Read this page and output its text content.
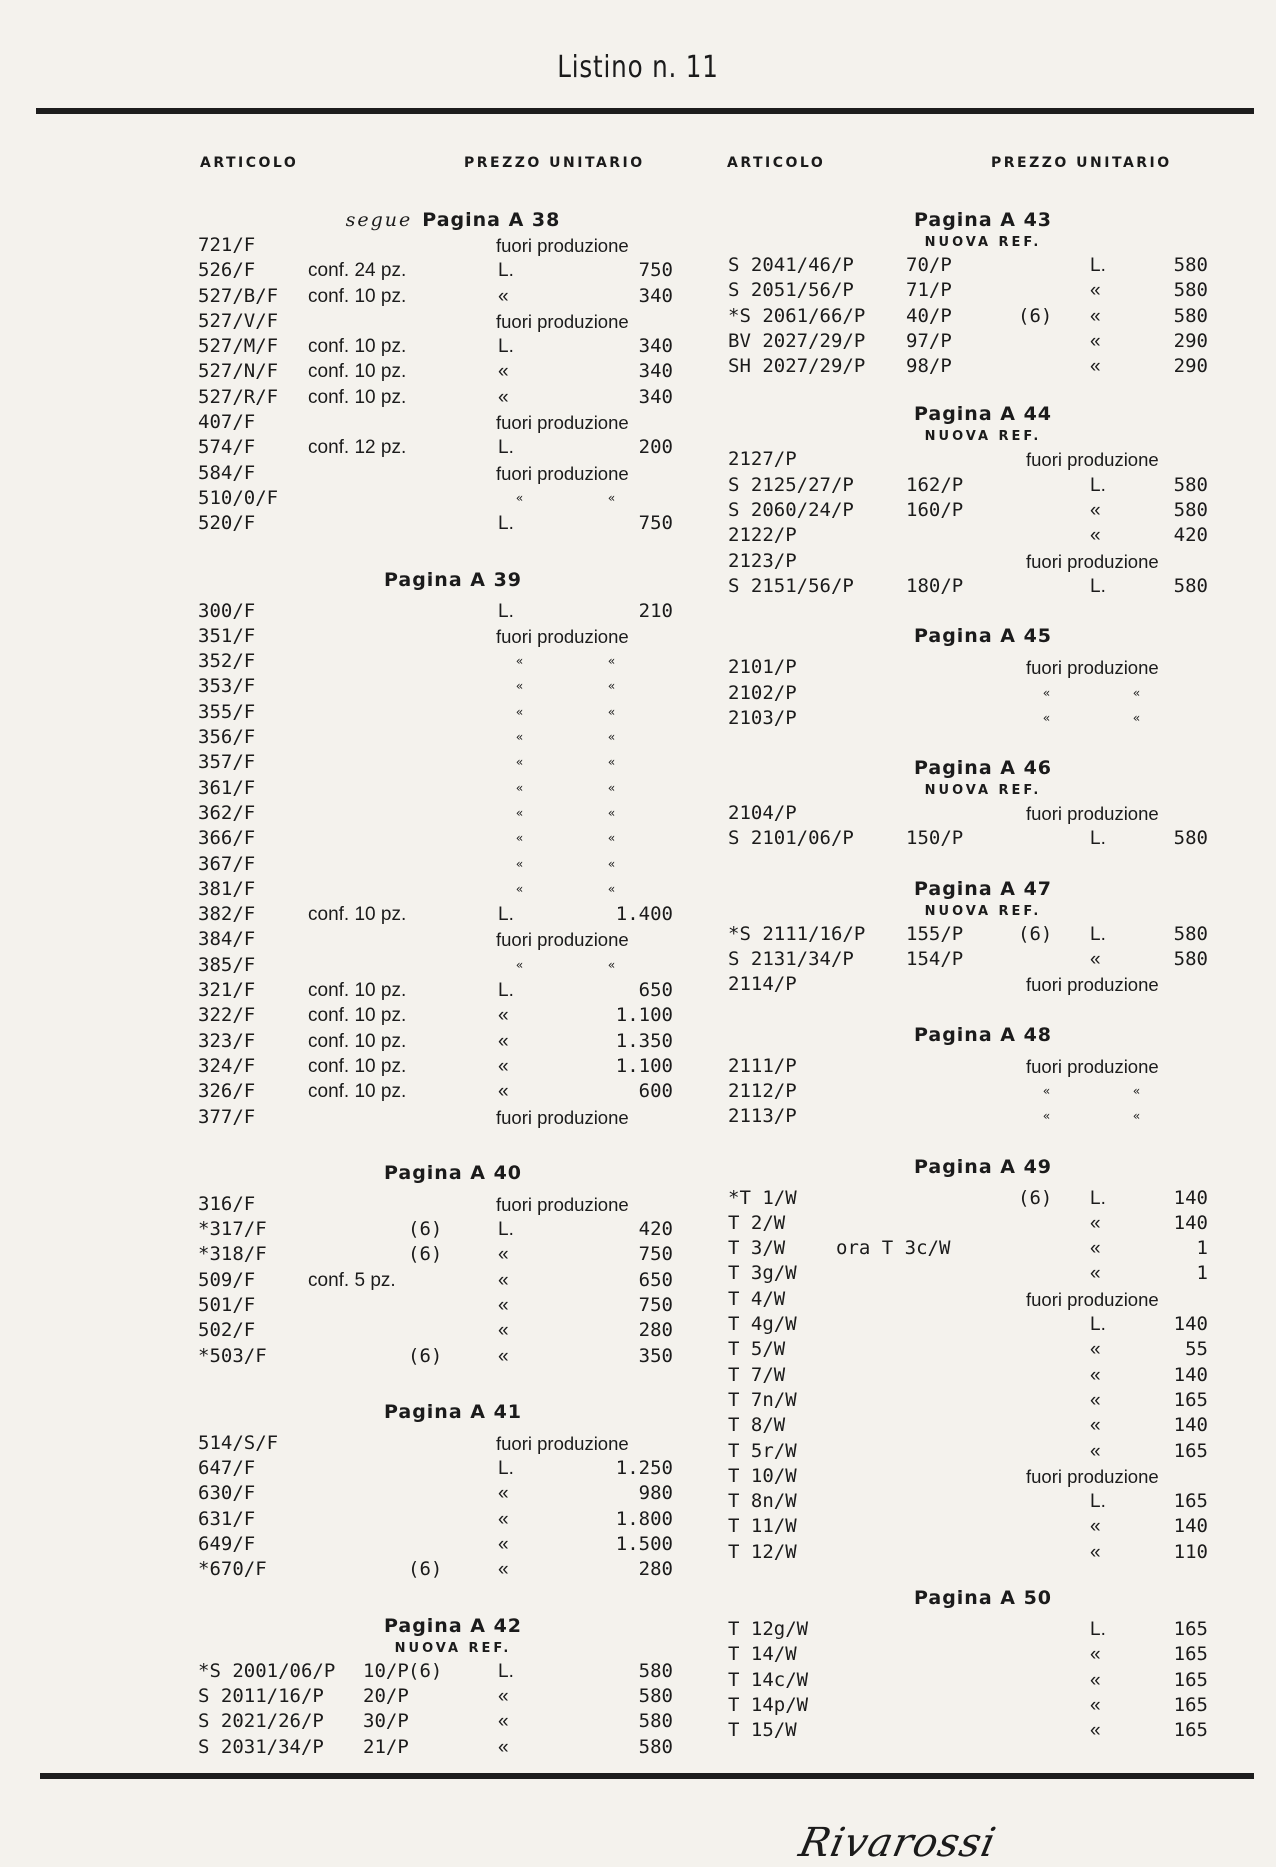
Listino n. 11
ARTICOLO	PREZZO UNITARIO	ARTICOLO	PREZZO UNITARIO
segue Pagina A 38
721/F	fuori produzione
526/F	conf. 24 pz.	L.	750
527/B/F conf. 10 pz.	«	340
527/V/F	fuori produzione
527/M/F conf. 10 pz.	L.	340
527/N/F conf. 10 pz.	«	340
527/R/F conf. 10 pz.	«	340
407/F	fuori produzione
574/F	conf. 12 pz.	L.	200
584/F	fuori produzione
510/0/F	«	«
520/F	L.	750
Pagina A 39
300/F	L.	210
351/F	fuori produzione
352/F	«	«
353/F	«	«
355/F	«	«
356/F	«	«
357/F	«	«
361/F	«	«
362/F	«	«
366/F	«	«
367/F	«	«
381/F	«	«
382/F	conf. 10 pz.	L.	1.400
384/F	fuori produzione
385/F	«	«
321/F	conf. 10 pz.	L.	650
322/F	conf. 10 pz.	«	1.100
323/F	conf. 10 pz.	«	1.350
324/F	conf. 10 pz.	«	1.100
326/F	conf. 10 pz.	«	600
377/F	fuori produzione
Pagina A 40
316/F	fuori produzione
*317/F	(6)	L.	420
*318/F	(6)	«	750
509/F	conf. 5 pz.	«	650
501/F	«	750
502/F	«	280
*503/F	(6)	«	350
Pagina A 41
514/S/F	fuori produzione
647/F	L.	1.250
630/F	«	980
631/F	«	1.800
649/F	«	1.500
*670/F	(6)	«	280
Pagina A 42
NUOVA REF.
*S 2001/06/P 10/P (6)	L.	580
S 2011/16/P 20/P	«	580
S 2021/26/P 30/P	«	580
S 2031/34/P 21/P	«	580
Pagina A 43
NUOVA REF.
S 2041/46/P	70/P	L.	580
S 2051/56/P	71/P	«	580
*S 2061/66/P 40/P	(6) «	580
BV 2027/29/P 97/P	«	290
SH 2027/29/P 98/P	«	290
Pagina A 44
NUOVA REF.
2127/P	fuori produzione
S 2125/27/P	162/P	L.	580
S 2060/24/P	160/P	«	580
2122/P	«	420
2123/P	fuori produzione
S 2151/56/P	180/P	L.	580
Pagina A 45
2101/P	fuori produzione
2102/P	«	«
2103/P	«	«
Pagina A 46
NUOVA REF.
2104/P	fuori produzione
S 2101/06/P	150/P	L.	580
Pagina A 47
NUOVA REF.
*S 2111/16/P 155/P	(6) L.	580
S 2131/34/P	154/P	«	580
2114/P	fuori produzione
Pagina A 48
2111/P	fuori produzione
2112/P	«	«
2113/P	«	«
Pagina A 49
*T 1/W	(6) L.	140
T 2/W	«	140
T 3/W	ora T 3c/W	«	1
T 3g/W	«	1
T 4/W	fuori produzione
T 4g/W	L.	140
T 5/W	«	55
T 7/W	«	140
T 7n/W	«	165
T 8/W	«	140
T 5r/W	«	165
T 10/W	fuori produzione
T 8n/W	L.	165
T 11/W	«	140
T 12/W	«	110
Pagina A 50
T 12g/W	L.	165
T 14/W	«	165
T 14c/W	«	165
T 14p/W	«	165
T 15/W	«	165
Rivarossi
